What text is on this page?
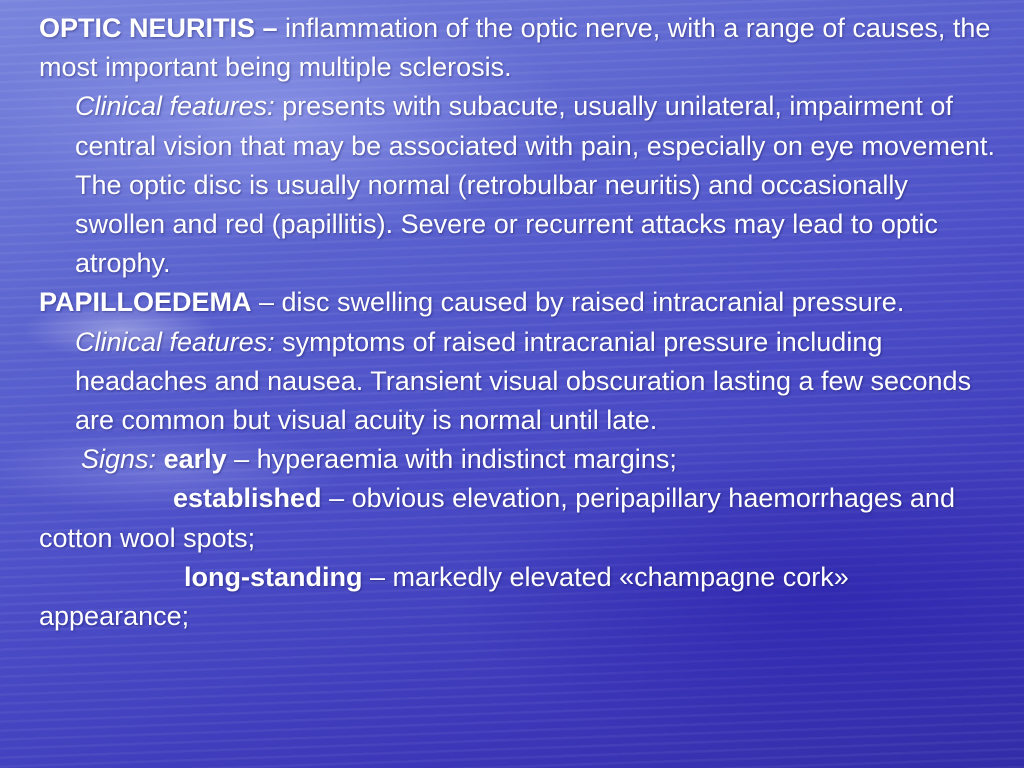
OPTIC NEURITIS – inflammation of the optic nerve, with a range of causes, the most important being multiple sclerosis.

Clinical features: presents with subacute, usually unilateral, impairment of central vision that may be associated with pain, especially on eye movement. The optic disc is usually normal (retrobulbar neuritis) and occasionally swollen and red (papillitis). Severe or recurrent attacks may lead to optic atrophy.

PAPILLOEDEMA – disc swelling caused by raised intracranial pressure.

Clinical features: symptoms of raised intracranial pressure including headaches and nausea. Transient visual obscuration lasting a few seconds are common but visual acuity is normal until late.

Signs: early – hyperaemia with indistinct margins;

established – obvious elevation, peripapillary haemorrhages and cotton wool spots;

long-standing – markedly elevated «champagne cork» appearance;
